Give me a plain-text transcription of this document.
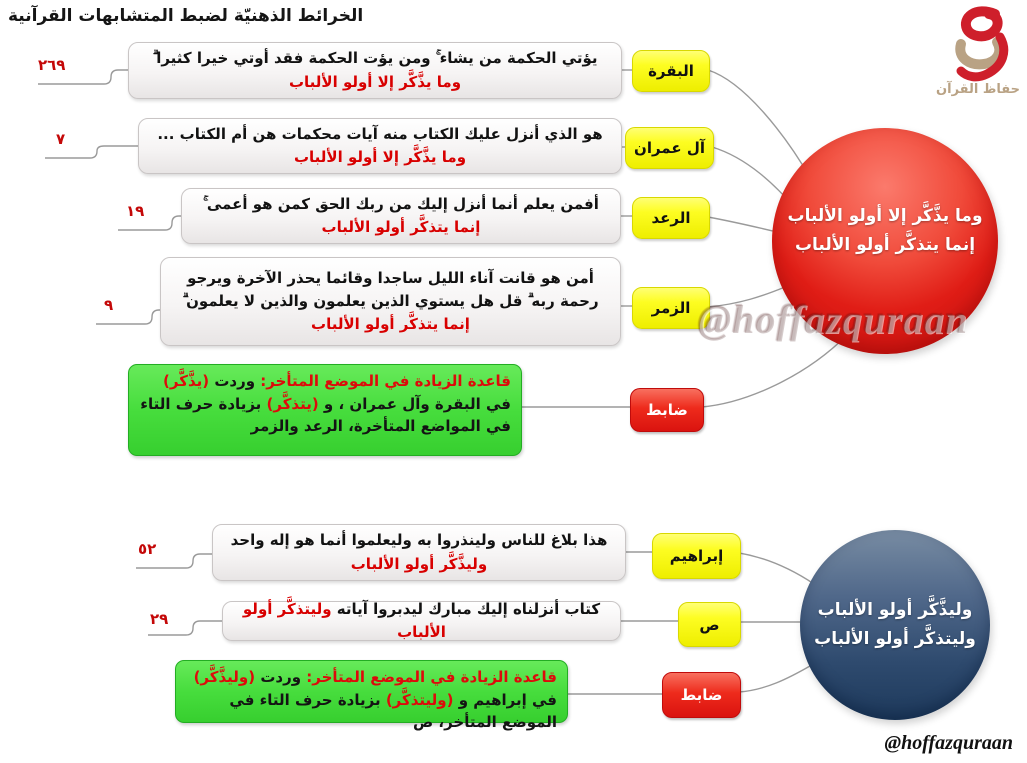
الخرائط الذهنيّة لضبط المتشابهات القرآنية
حفاظ القرآن
٢٦٩	يؤتي الحكمة من يشاء ۚ ومن يؤت الحكمة فقد أوتي خيرا كثيرا ۗ
وما يذَّكَّر إلا أولو الألباب
البقرة
٧	هو الذي أنزل عليك الكتاب منه آيات محكمات هن أم الكتاب ...
وما يذَّكَّر إلا أولو الألباب	آل عمران
١٩	أفمن يعلم أنما أنزل إليك من ربك الحق كمن هو أعمى ۚ
إنما يتذكَّر أولو الألباب	الرعد
٩
أمن هو قانت آناء الليل ساجدا وقائما يحذر الآخرة ويرجو رحمة ربه ۗ قل هل يستوي الذين يعلمون والذين لا يعلمون ۗ
إنما يتذكَّر أولو الألباب
الزمر
قاعدة الزيادة في الموضع المتأخر: وردت (يذَّكَّر) في البقرة وآل عمران ، و (يتذكَّر) بزيادة حرف التاء في المواضع المتأخرة، الرعد والزمر
ضابط
وما يذَّكَّر إلا أولو الألباب
إنما يتذكَّر أولو الألباب
@hoffazquraan
٥٢	هذا بلاغ للناس ولينذروا به وليعلموا أنما هو إله واحد
وليذَّكَّر أولو الألباب	إبراهيم
٢٩
كتاب أنزلناه إليك مبارك ليدبروا آياته وليتذكَّر أولو الألباب	ص
قاعدة الزيادة في الموضع المتأخر: وردت (وليذَّكَّر) في إبراهيم و (وليتذكَّر) بزيادة حرف التاء في الموضع المتأخر، ص
ضابط
وليذَّكَّر أولو الألباب
وليتذكَّر أولو الألباب
@hoffazquraan
